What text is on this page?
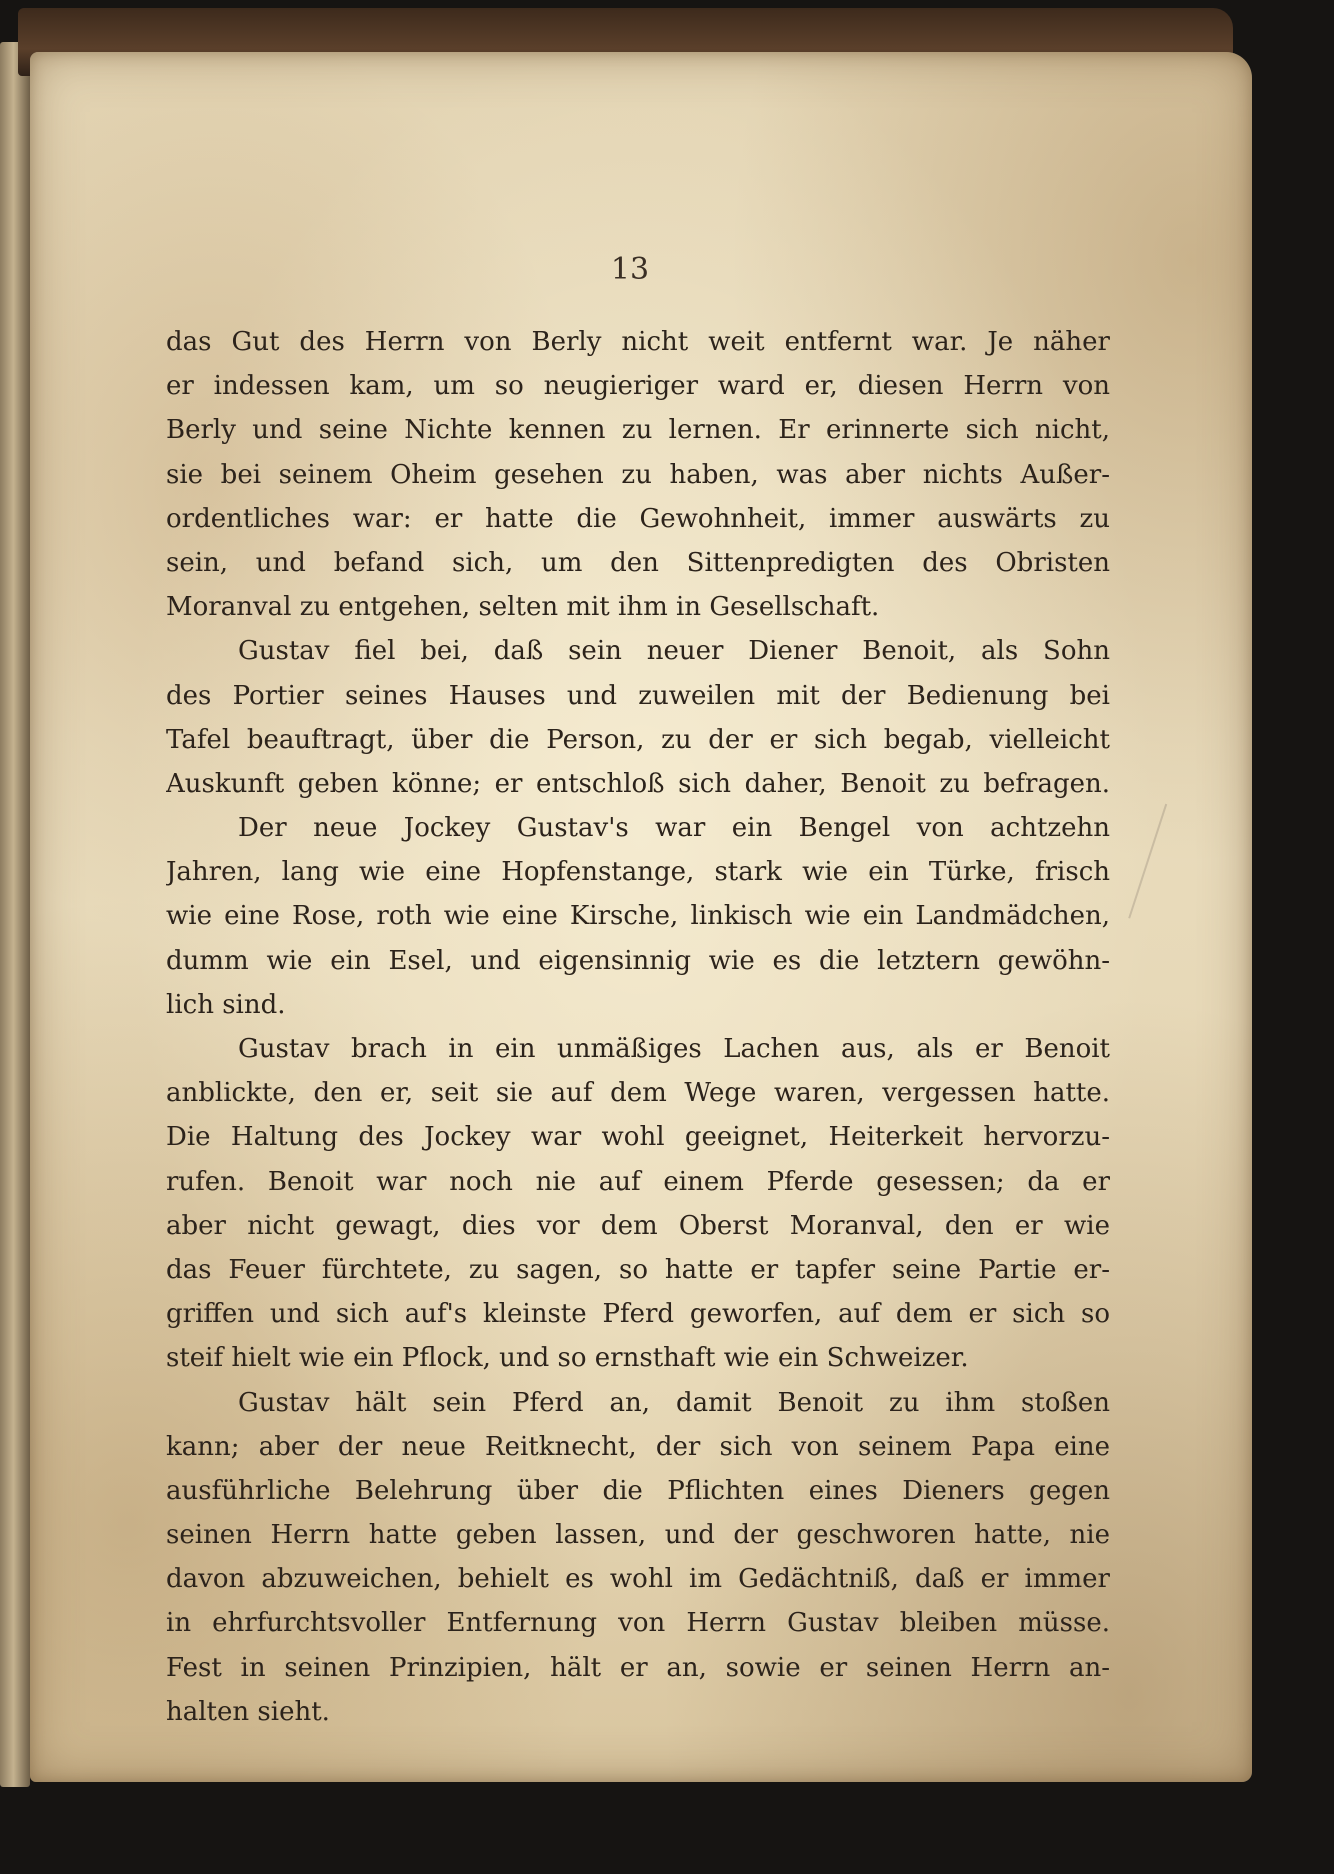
13
das Gut des Herrn von Berly nicht weit entfernt war. Je näher
er indessen kam, um so neugieriger ward er, diesen Herrn von
Berly und seine Nichte kennen zu lernen. Er erinnerte sich nicht,
sie bei seinem Oheim gesehen zu haben, was aber nichts Außer-
ordentliches war: er hatte die Gewohnheit, immer auswärts zu
sein, und befand sich, um den Sittenpredigten des Obristen
Moranval zu entgehen, selten mit ihm in Gesellschaft.
Gustav fiel bei, daß sein neuer Diener Benoit, als Sohn
des Portier seines Hauses und zuweilen mit der Bedienung bei
Tafel beauftragt, über die Person, zu der er sich begab, vielleicht
Auskunft geben könne; er entschloß sich daher, Benoit zu befragen.
Der neue Jockey Gustav's war ein Bengel von achtzehn
Jahren, lang wie eine Hopfenstange, stark wie ein Türke, frisch
wie eine Rose, roth wie eine Kirsche, linkisch wie ein Landmädchen,
dumm wie ein Esel, und eigensinnig wie es die letztern gewöhn-
lich sind.
Gustav brach in ein unmäßiges Lachen aus, als er Benoit
anblickte, den er, seit sie auf dem Wege waren, vergessen hatte.
Die Haltung des Jockey war wohl geeignet, Heiterkeit hervorzu-
rufen. Benoit war noch nie auf einem Pferde gesessen; da er
aber nicht gewagt, dies vor dem Oberst Moranval, den er wie
das Feuer fürchtete, zu sagen, so hatte er tapfer seine Partie er-
griffen und sich auf's kleinste Pferd geworfen, auf dem er sich so
steif hielt wie ein Pflock, und so ernsthaft wie ein Schweizer.
Gustav hält sein Pferd an, damit Benoit zu ihm stoßen
kann; aber der neue Reitknecht, der sich von seinem Papa eine
ausführliche Belehrung über die Pflichten eines Dieners gegen
seinen Herrn hatte geben lassen, und der geschworen hatte, nie
davon abzuweichen, behielt es wohl im Gedächtniß, daß er immer
in ehrfurchtsvoller Entfernung von Herrn Gustav bleiben müsse.
Fest in seinen Prinzipien, hält er an, sowie er seinen Herrn an-
halten sieht.
